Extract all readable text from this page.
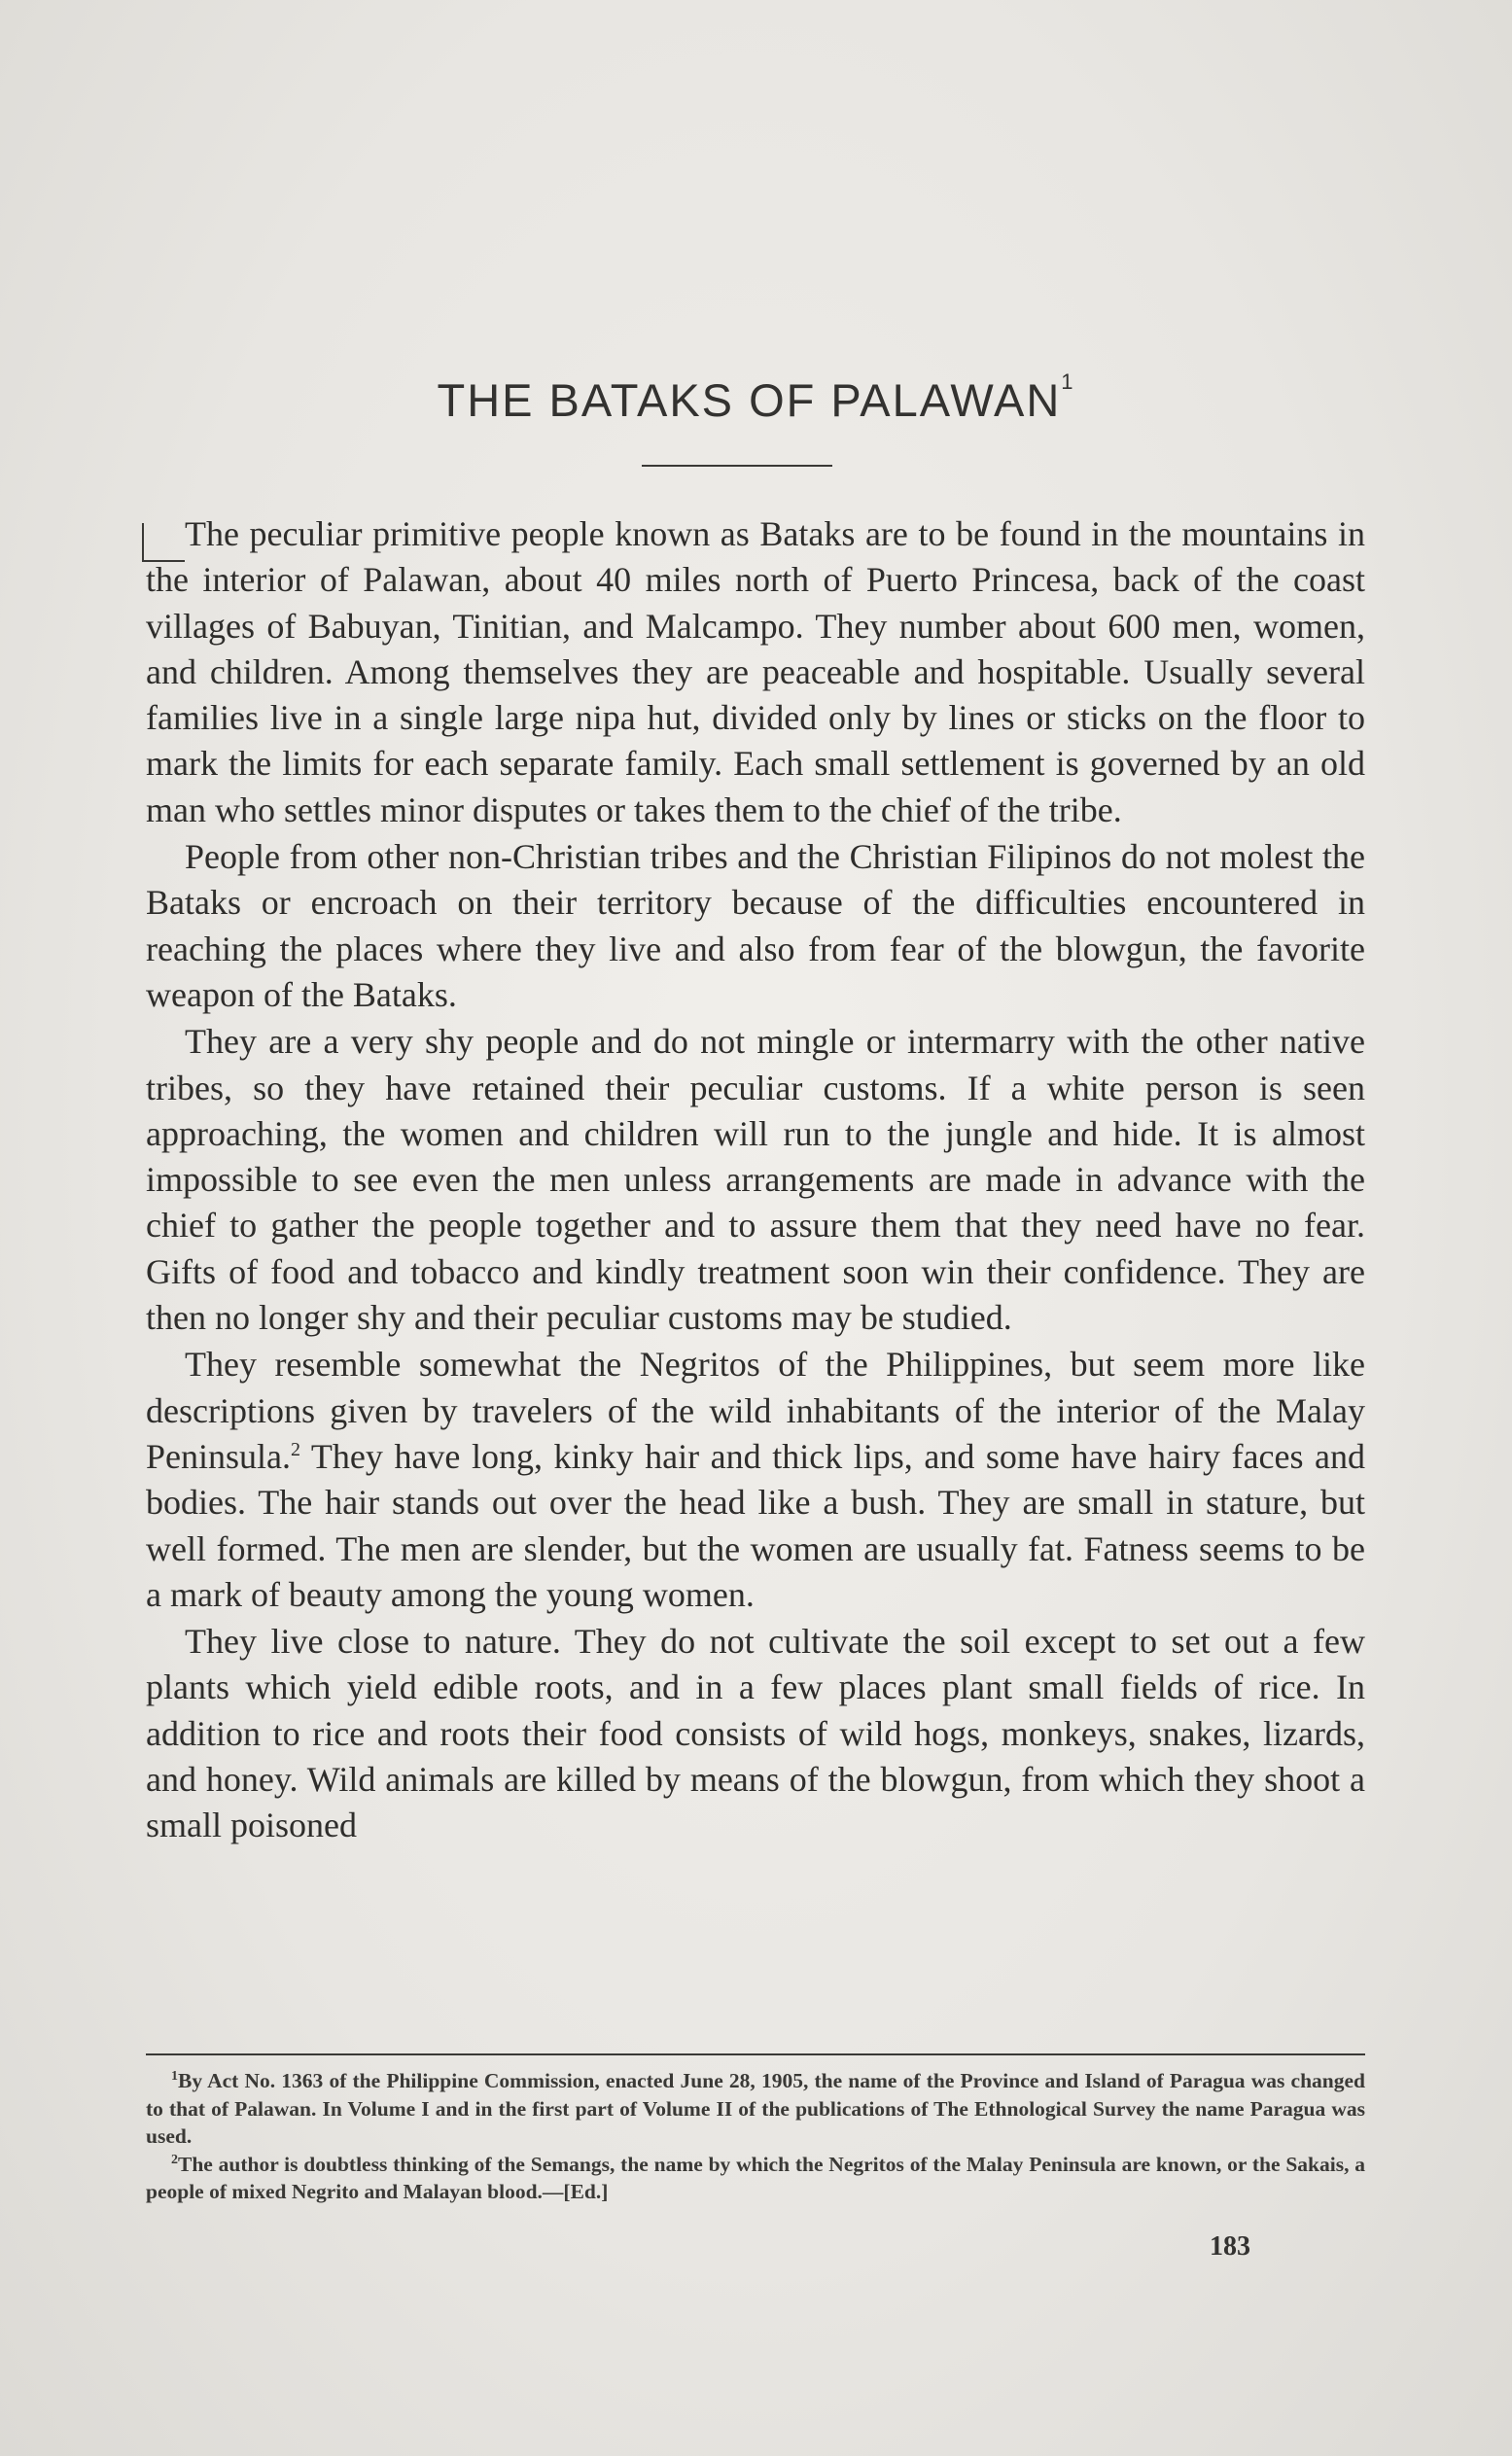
THE BATAKS OF PALAWAN$^1$

The peculiar primitive people known as Bataks are to be found in the mountains in the interior of Palawan, about 40 miles north of Puerto Princesa, back of the coast villages of Babuyan, Tinitian, and Malcampo. They number about 600 men, women, and children. Among themselves they are peaceable and hospitable. Usually several families live in a single large nipa hut, divided only by lines or sticks on the floor to mark the limits for each separate family. Each small settlement is governed by an old man who settles minor disputes or takes them to the chief of the tribe.

People from other non-Christian tribes and the Christian Filipinos do not molest the Bataks or encroach on their territory because of the difficulties encountered in reaching the places where they live and also from fear of the blowgun, the favorite weapon of the Bataks.

They are a very shy people and do not mingle or intermarry with the other native tribes, so they have retained their peculiar customs. If a white person is seen approaching, the women and children will run to the jungle and hide. It is almost impossible to see even the men unless arrangements are made in advance with the chief to gather the people together and to assure them that they need have no fear. Gifts of food and tobacco and kindly treatment soon win their confidence. They are then no longer shy and their peculiar customs may be studied.

They resemble somewhat the Negritos of the Philippines, but seem more like descriptions given by travelers of the wild inhabitants of the interior of the Malay Peninsula.$^2$ They have long, kinky hair and thick lips, and some have hairy faces and bodies. The hair stands out over the head like a bush. They are small in stature, but well formed. The men are slender, but the women are usually fat. Fatness seems to be a mark of beauty among the young women.

They live close to nature. They do not cultivate the soil except to set out a few plants which yield edible roots, and in a few places plant small fields of rice. In addition to rice and roots their food consists of wild hogs, monkeys, snakes, lizards, and honey. Wild animals are killed by means of the blowgun, from which they shoot a small poisoned

$^1$By Act No. 1363 of the Philippine Commission, enacted June 28, 1905, the name of the Province and Island of Paragua was changed to that of Palawan. In Volume I and in the first part of Volume II of the publications of The Ethnological Survey the name Paragua was used.

$^2$The author is doubtless thinking of the Semangs, the name by which the Negritos of the Malay Peninsula are known, or the Sakais, a people of mixed Negrito and Malayan blood.—[Ed.]

183
